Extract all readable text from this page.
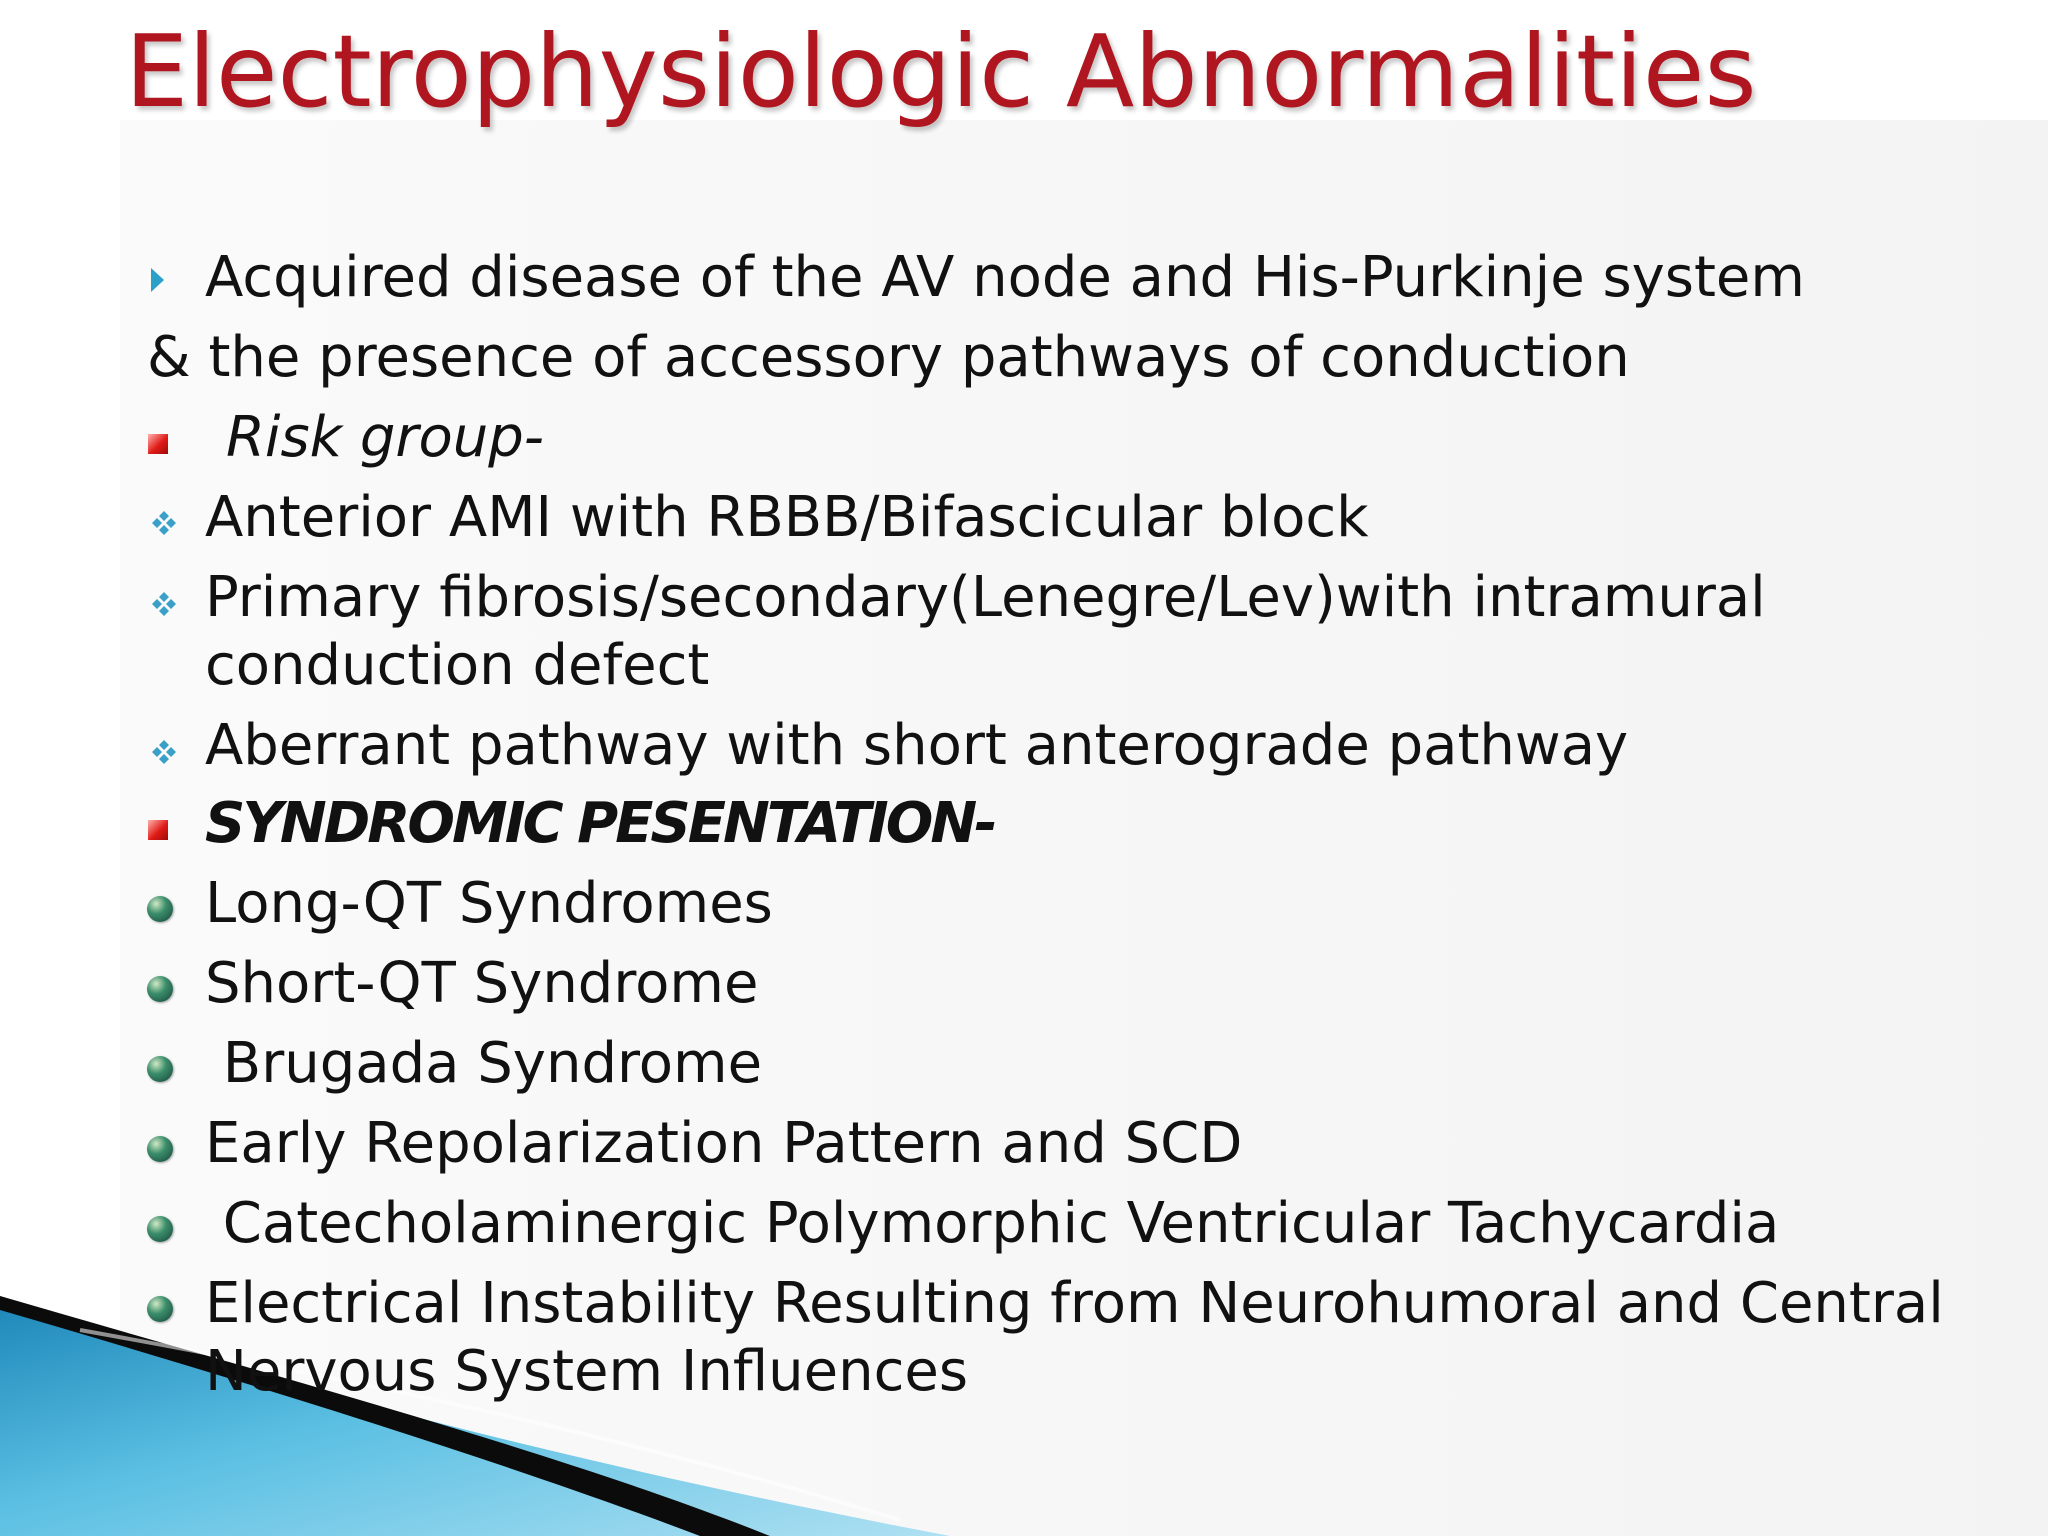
Electrophysiologic Abnormalities
Acquired disease of the AV node and His-Purkinje system
& the presence of accessory pathways of conduction
Risk group-
Anterior AMI with RBBB/Bifascicular block
Primary fibrosis/secondary(Lenegre/Lev)with intramural
conduction defect
Aberrant pathway with short anterograde pathway
SYNDROMIC PESENTATION-
Long-QT Syndromes
Short-QT Syndrome
Brugada Syndrome
Early Repolarization Pattern and SCD
Catecholaminergic Polymorphic Ventricular Tachycardia
Electrical Instability Resulting from Neurohumoral and Central
Nervous System Influences
